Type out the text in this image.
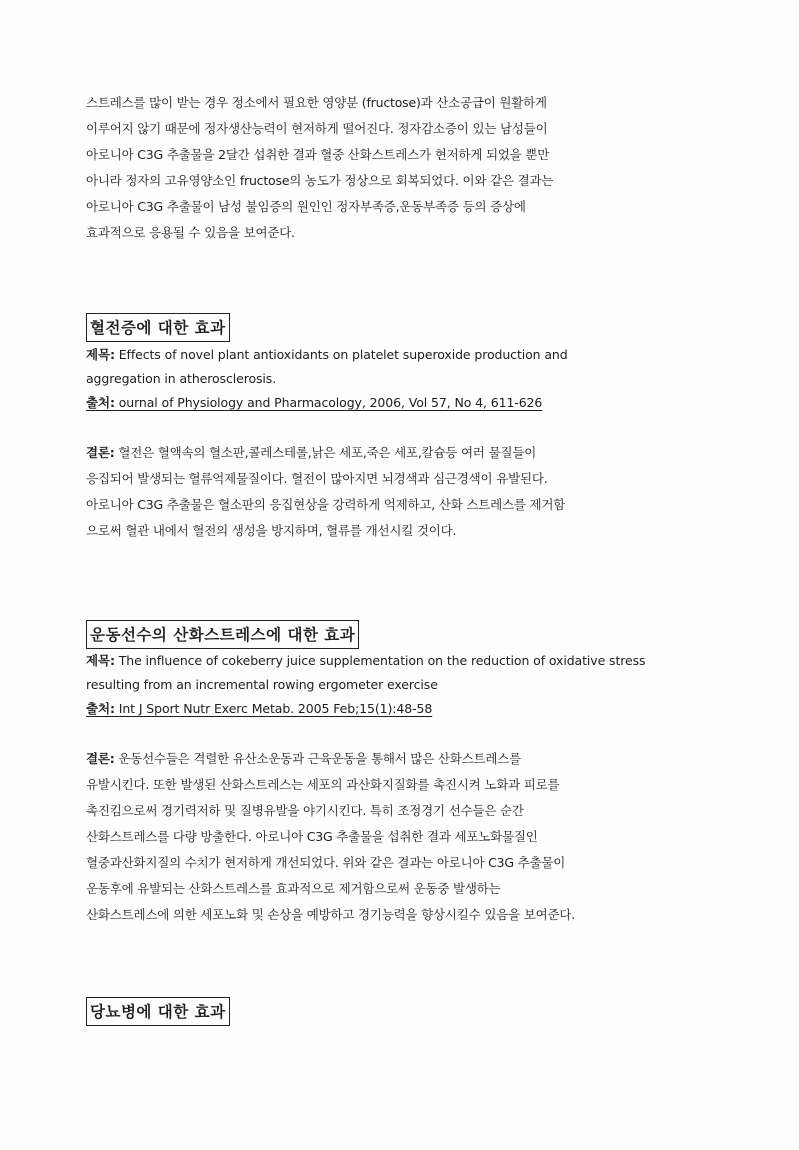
스트레스를 많이 받는 경우 정소에서 필요한 영양분 (fructose)과 산소공급이 원활하게
이루어지 않기 때문에 정자생산능력이 현저하게 떨어진다. 정자감소증이 있는 남성들이
아로니아 C3G 추출물을 2달간 섭취한 결과 혈중 산화스트레스가 현저하게 되었을 뿐만
아니라 정자의 고유영양소인 fructose의 농도가 정상으로 회복되었다. 이와 같은 결과는
아로니아 C3G 추출물이 남성 불임증의 원인인 정자부족증,운동부족증 등의 증상에
효과적으로 응용될 수 있음을 보여준다.
혈전증에 대한 효과
제목: Effects of novel plant antioxidants on platelet superoxide production and
aggregation in atherosclerosis.
출처: ournal of Physiology and Pharmacology, 2006, Vol 57, No 4, 611-626
결론: 혈전은 혈액속의 혈소판,콜레스테롤,낡은 세포,죽은 세포,칼슘등 여러 물질들이
응집되어 발생되는 혈류억제물질이다. 혈전이 많아지면 뇌경색과 심근경색이 유발된다.
아로니아 C3G 추출물은 혈소판의 응집현상을 강력하게 억제하고, 산화 스트레스를 제거함
으로써 혈관 내에서 혈전의 생성을 방지하며, 혈류를 개선시킬 것이다.
운동선수의 산화스트레스에 대한 효과
제목: The influence of cokeberry juice supplementation on the reduction of oxidative stress
resulting from an incremental rowing ergometer exercise
출처: Int J Sport Nutr Exerc Metab. 2005 Feb;15(1):48-58
결론: 운동선수들은 격렬한 유산소운동과 근육운동을 통해서 많은 산화스트레스를
유발시킨다. 또한 발생된 산화스트레스는 세포의 과산화지질화를 촉진시켜 노화과 피로를
촉진킴으로써 경기력저하 및 질병유발을 야기시킨다. 특히 조정경기 선수들은 순간
산화스트레스를 다량 방출한다. 아로니아 C3G 추출물을 섭취한 결과 세포노화물질인
혈중과산화지질의 수치가 현저하게 개선되었다. 위와 같은 결과는 아로니아 C3G 추출물이
운동후에 유발되는 산화스트레스를 효과적으로 제거함으로써 운동중 발생하는
산화스트레스에 의한 세포노화 및 손상을 예방하고 경기능력을 향상시킬수 있음을 보여준다.
당뇨병에 대한 효과
